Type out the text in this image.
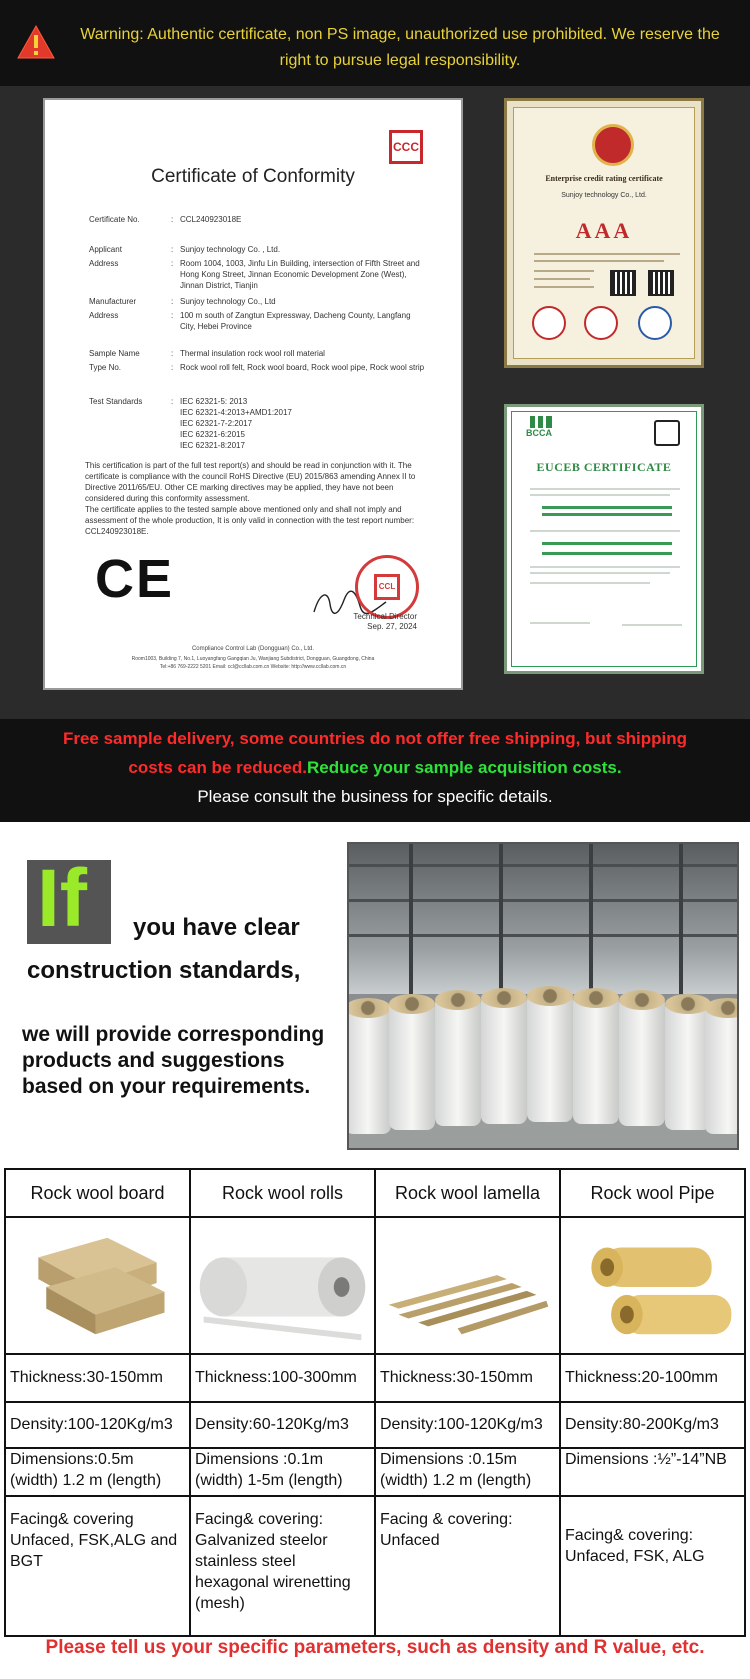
Warning: Authentic certificate, non PS image, unauthorized use prohibited. We reserve the right to pursue legal responsibility.
CCC
Certificate of Conformity
Certificate No.	: CCL240923018E
Applicant	: Sunjoy technology Co. , Ltd.
Address	: Room 1004, 1003, Jinfu Lin Building, intersection of Fifth Street and Hong Kong Street, Jinnan Economic Development Zone (West), Jinnan District, Tianjin
Manufacturer	: Sunjoy technology Co., Ltd
Address	: 100 m south of Zangtun Expressway, Dacheng County, Langfang City, Hebei Province
Sample Name	: Thermal insulation rock wool roll material
Type No.	: Rock wool roll felt, Rock wool board, Rock wool pipe, Rock wool strip
Test Standards	: IEC 62321-5: 2013
IEC 62321-4:2013+AMD1:2017
IEC 62321-7-2:2017
IEC 62321-6:2015
IEC 62321-8:2017
This certification is part of the full test report(s) and should be read in conjunction with it. The certificate is compliance with the council RoHS Directive (EU) 2015/863 amending Annex II to Directive 2011/65/EU. Other CE marking directives may be applied, they have not been considered during this conformity assessment.
The certificate applies to the tested sample above mentioned only and shall not imply and assessment of the whole production, It is only valid in connection with the test report number: CCL240923018E.
CE	CCL
Technical Director
Sep. 27, 2024
Compliance Control Lab (Dongguan) Co., Ltd.
Room1003, Building 7, No.1, Luoyangfang Gangqian Ju, Wanjiang Subdistrict, Dongguan, Guangdong, China
Tel:+86 769-2222 5201 Email: ccl@ccllab.com.cn Website: http://www.ccllab.com.cn
Enterprise credit rating certificate
Sunjoy technology Co., Ltd.
AAA
BCCA
EUCEB CERTIFICATE
Free sample delivery, some countries do not offer free shipping, but shipping
costs can be reduced.Reduce your sample acquisition costs.
Please consult the business for specific details.
If you have clear
construction standards,
we will provide corresponding products and suggestions based on your requirements.
Rock wool board	Rock wool rolls	Rock wool lamella	Rock wool Pipe

Thickness:30-150mm	Thickness:100-300mm	Thickness:30-150mm	Thickness:20-100mm
Density:100-120Kg/m3	Density:60-120Kg/m3	Density:100-120Kg/m3	Density:80-200Kg/m3
Dimensions:0.5m (width) 1.2 m (length)	Dimensions :0.1m (width) 1-5m (length)	Dimensions :0.15m (width) 1.2 m (length)	Dimensions :½”-14”NB
Facing& covering Unfaced, FSK,ALG and BGT	Facing& covering: Galvanized steelor stainless steel hexagonal wirenetting (mesh)	Facing & covering: Unfaced	Facing& covering: Unfaced, FSK, ALG
Please tell us your specific parameters, such as density and R value, etc.
